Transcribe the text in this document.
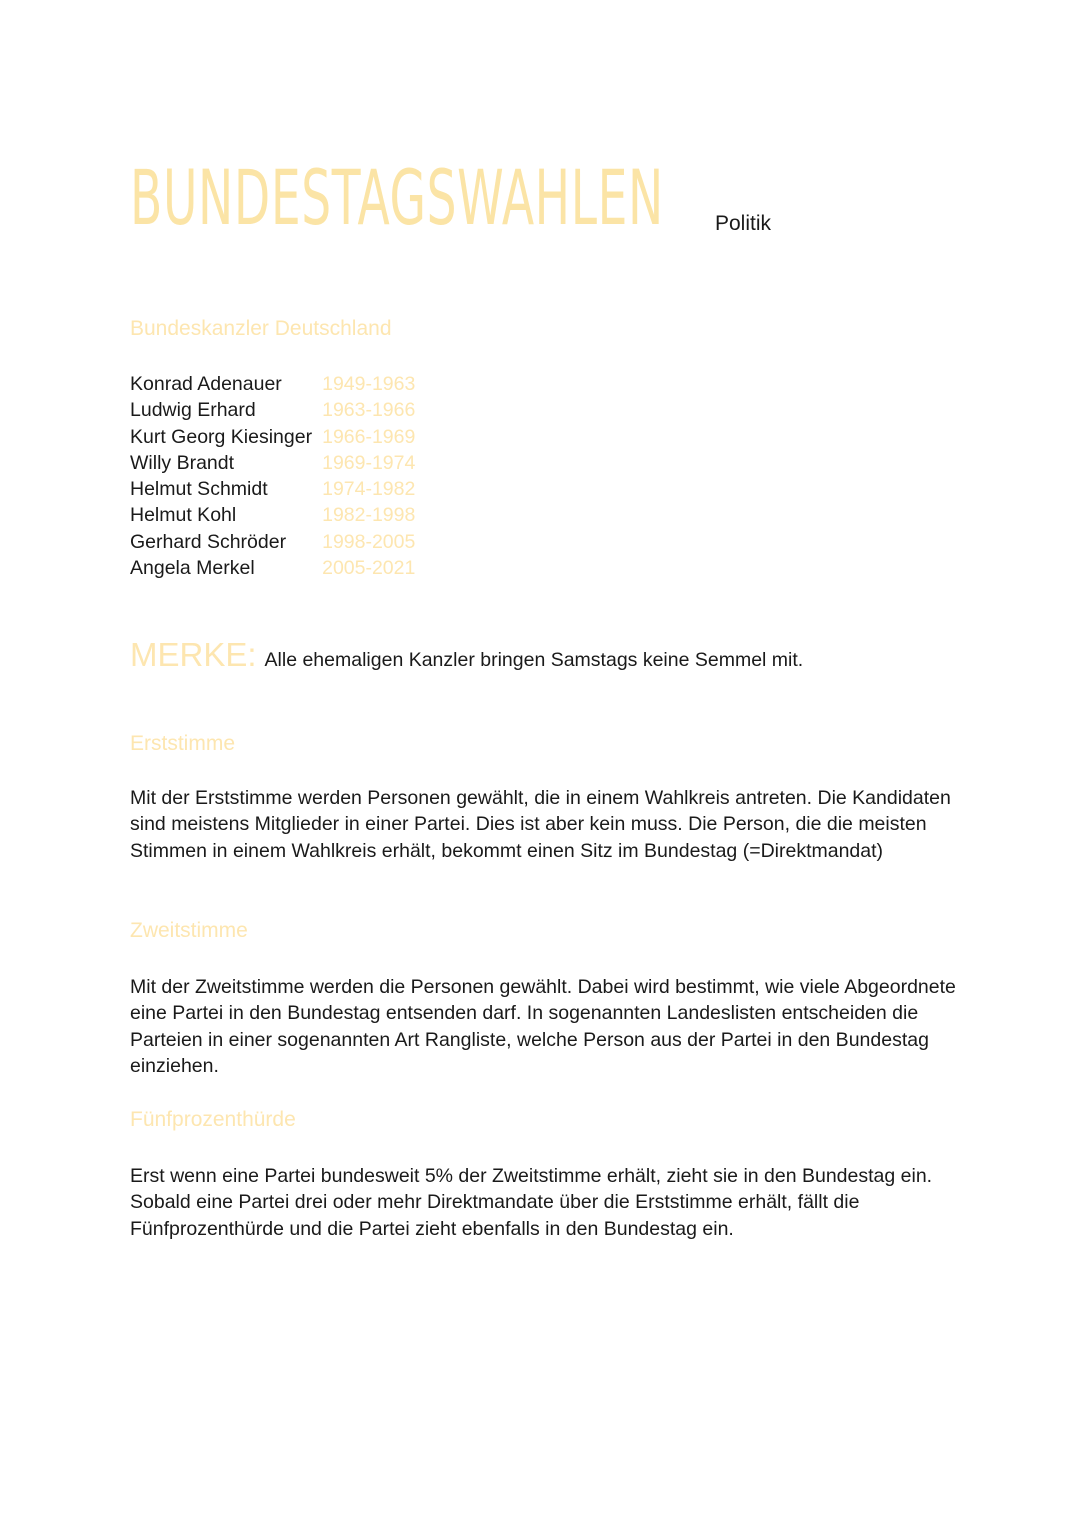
BUNDESTAGSWAHLEN Politik
Bundeskanzler Deutschland
Konrad Adenauer	1949-1963
Ludwig Erhard	1963-1966
Kurt Georg Kiesinger	1966-1969
Willy Brandt	1969-1974
Helmut Schmidt	1974-1982
Helmut Kohl	1982-1998
Gerhard Schröder	1998-2005
Angela Merkel	2005-2021
MERKE: Alle ehemaligen Kanzler bringen Samstags keine Semmel mit.
Erststimme

Mit der Erststimme werden Personen gewählt, die in einem Wahlkreis antreten. Die Kandidaten sind meistens Mitglieder in einer Partei. Dies ist aber kein muss. Die Person, die die meisten Stimmen in einem Wahlkreis erhält, bekommt einen Sitz im Bundestag (=Direktmandat)

Zweitstimme

Mit der Zweitstimme werden die Personen gewählt. Dabei wird bestimmt, wie viele Abgeordnete eine Partei in den Bundestag entsenden darf. In sogenannten Landeslisten entscheiden die Parteien in einer sogenannten Art Rangliste, welche Person aus der Partei in den Bundestag einziehen.

Fünfprozenthürde

Erst wenn eine Partei bundesweit 5% der Zweitstimme erhält, zieht sie in den Bundestag ein. Sobald eine Partei drei oder mehr Direktmandate über die Erststimme erhält, fällt die Fünfprozenthürde und die Partei zieht ebenfalls in den Bundestag ein.
